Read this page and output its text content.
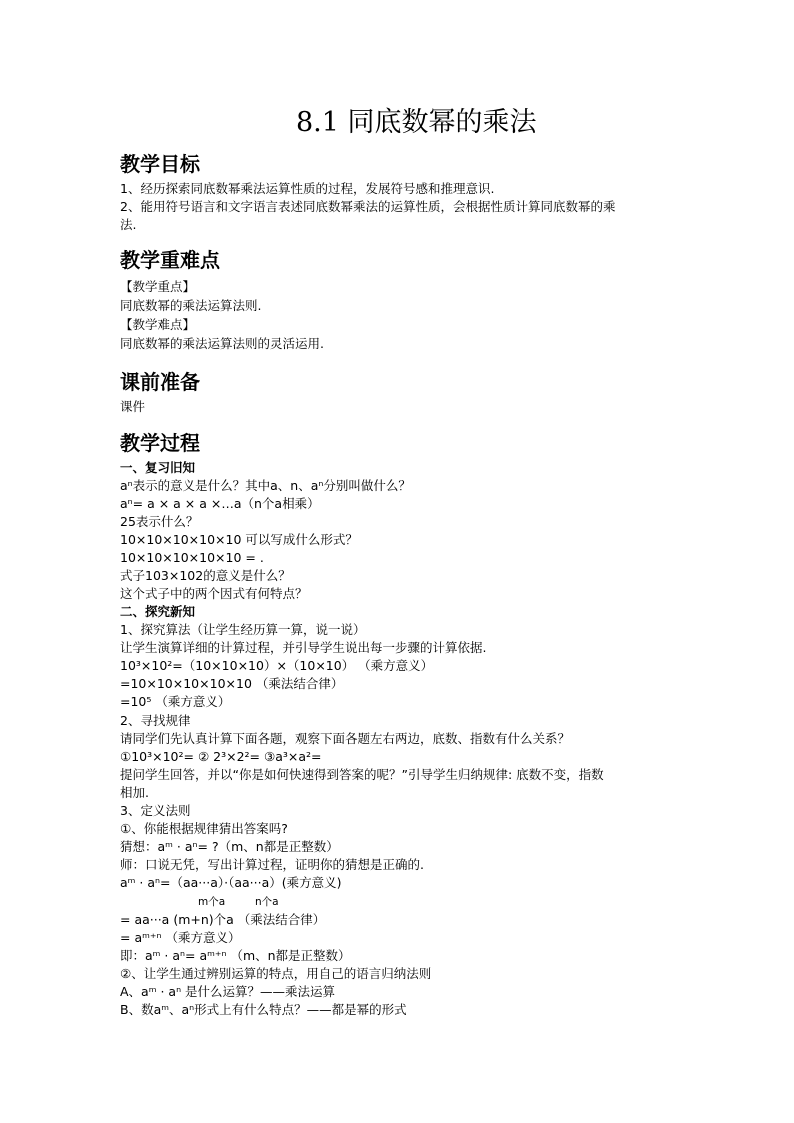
8.1 同底数幂的乘法
教学目标
1、经历探索同底数幂乘法运算性质的过程，发展符号感和推理意识.
2、能用符号语言和文字语言表述同底数幂乘法的运算性质，会根据性质计算同底数幂的乘
法.
教学重难点
【教学重点】
同底数幂的乘法运算法则.
【教学难点】
同底数幂的乘法运算法则的灵活运用.
课前准备
课件
教学过程
一、复习旧知
aⁿ表示的意义是什么？其中a、n、aⁿ分别叫做什么？
aⁿ= a × a × a ×…a（n个a相乘）
25表示什么？
10×10×10×10×10 可以写成什么形式？
10×10×10×10×10 = .
式子103×102的意义是什么？
这个式子中的两个因式有何特点？
二、探究新知
1、探究算法（让学生经历算一算，说一说）
让学生演算详细的计算过程，并引导学生说出每一步骤的计算依据.
10³×10²=（10×10×10）×（10×10） （乘方意义）
=10×10×10×10×10 （乘法结合律）
=10⁵ （乘方意义）
2、寻找规律
请同学们先认真计算下面各题，观察下面各题左右两边，底数、指数有什么关系？
①10³×10²= ② 2³×2²= ③a³×a²=
提问学生回答，并以“你是如何快速得到答案的呢？”引导学生归纳规律: 底数不变，指数
相加.
3、定义法则
①、你能根据规律猜出答案吗?
猜想：aᵐ · aⁿ= ?（m、n都是正整数）
师：口说无凭，写出计算过程，证明你的猜想是正确的.
aᵐ · aⁿ=（aa···a）·（aa···a）(乘方意义)
m个a	n个a
= aa···a (m+n)个a （乘法结合律）
= aᵐ⁺ⁿ （乘方意义）
即：aᵐ · aⁿ= aᵐ⁺ⁿ （m、n都是正整数）
②、让学生通过辨别运算的特点，用自己的语言归纳法则
A、aᵐ · aⁿ 是什么运算？——乘法运算
B、数aᵐ、aⁿ形式上有什么特点？——都是幂的形式
